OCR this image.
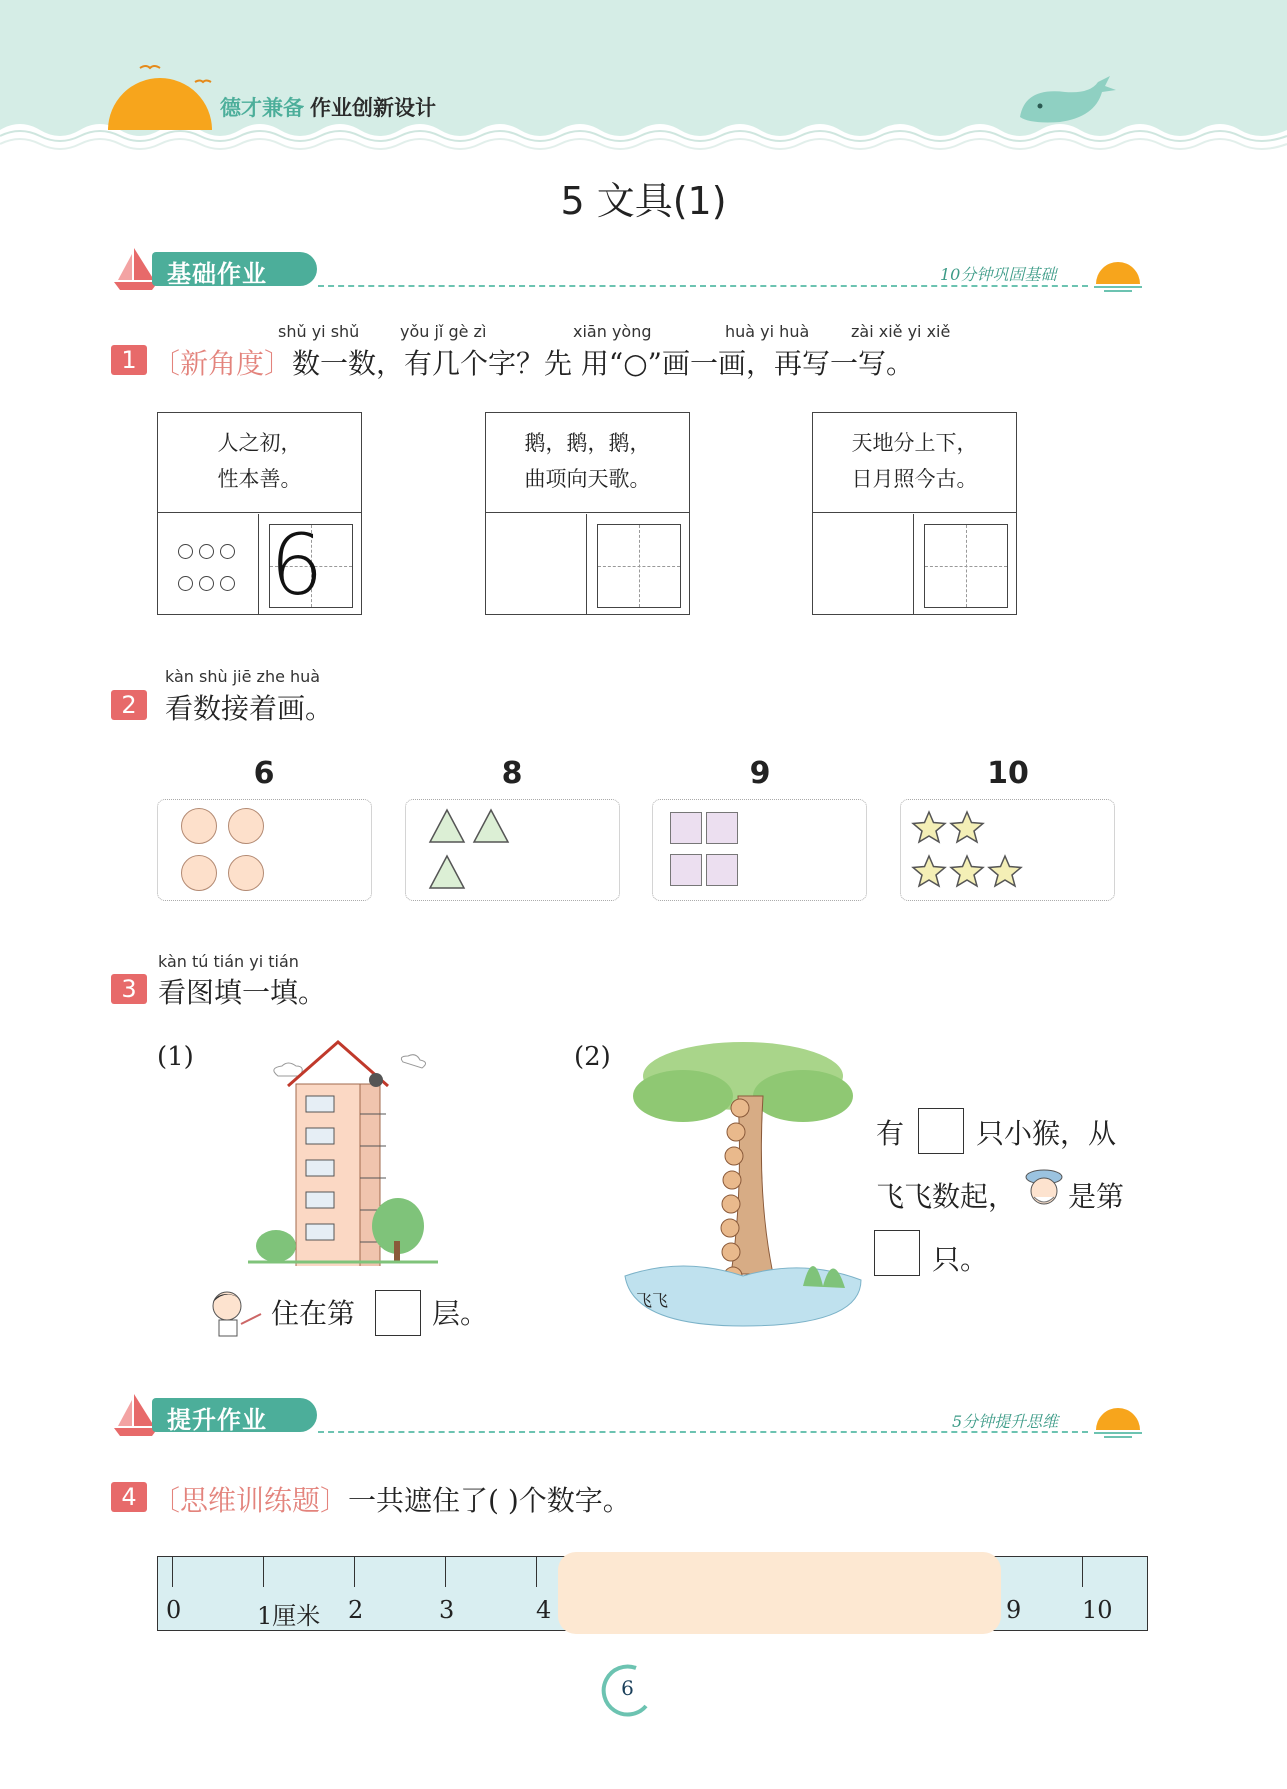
德才兼备 作业创新设计
5 文具(1)
基础作业	10分钟巩固基础
shǔ yi shǔ	yǒu jǐ gè zì	xiān yòng	huà yi huà	zài xiě yi xiě
1 〔新角度〕数一数，有几个字？先 用“○”画一画，再写一写。
人之初，
性本善。
6
鹅，鹅，鹅，
曲项向天歌。
天地分上下，
日月照今古。
kàn shù jiē zhe huà
2	看数接着画。
6	8	9	10
kàn tú tián yi tián
3 看图填一填。
(1)
住在第	层。
(2)
飞飞
有	只小猴，从
飞飞数起， 是第
只。
提升作业	5分钟提升思维
4 〔思维训练题〕一共遮住了( )个数字。
0	1厘米 2	3	4	9	10
6
